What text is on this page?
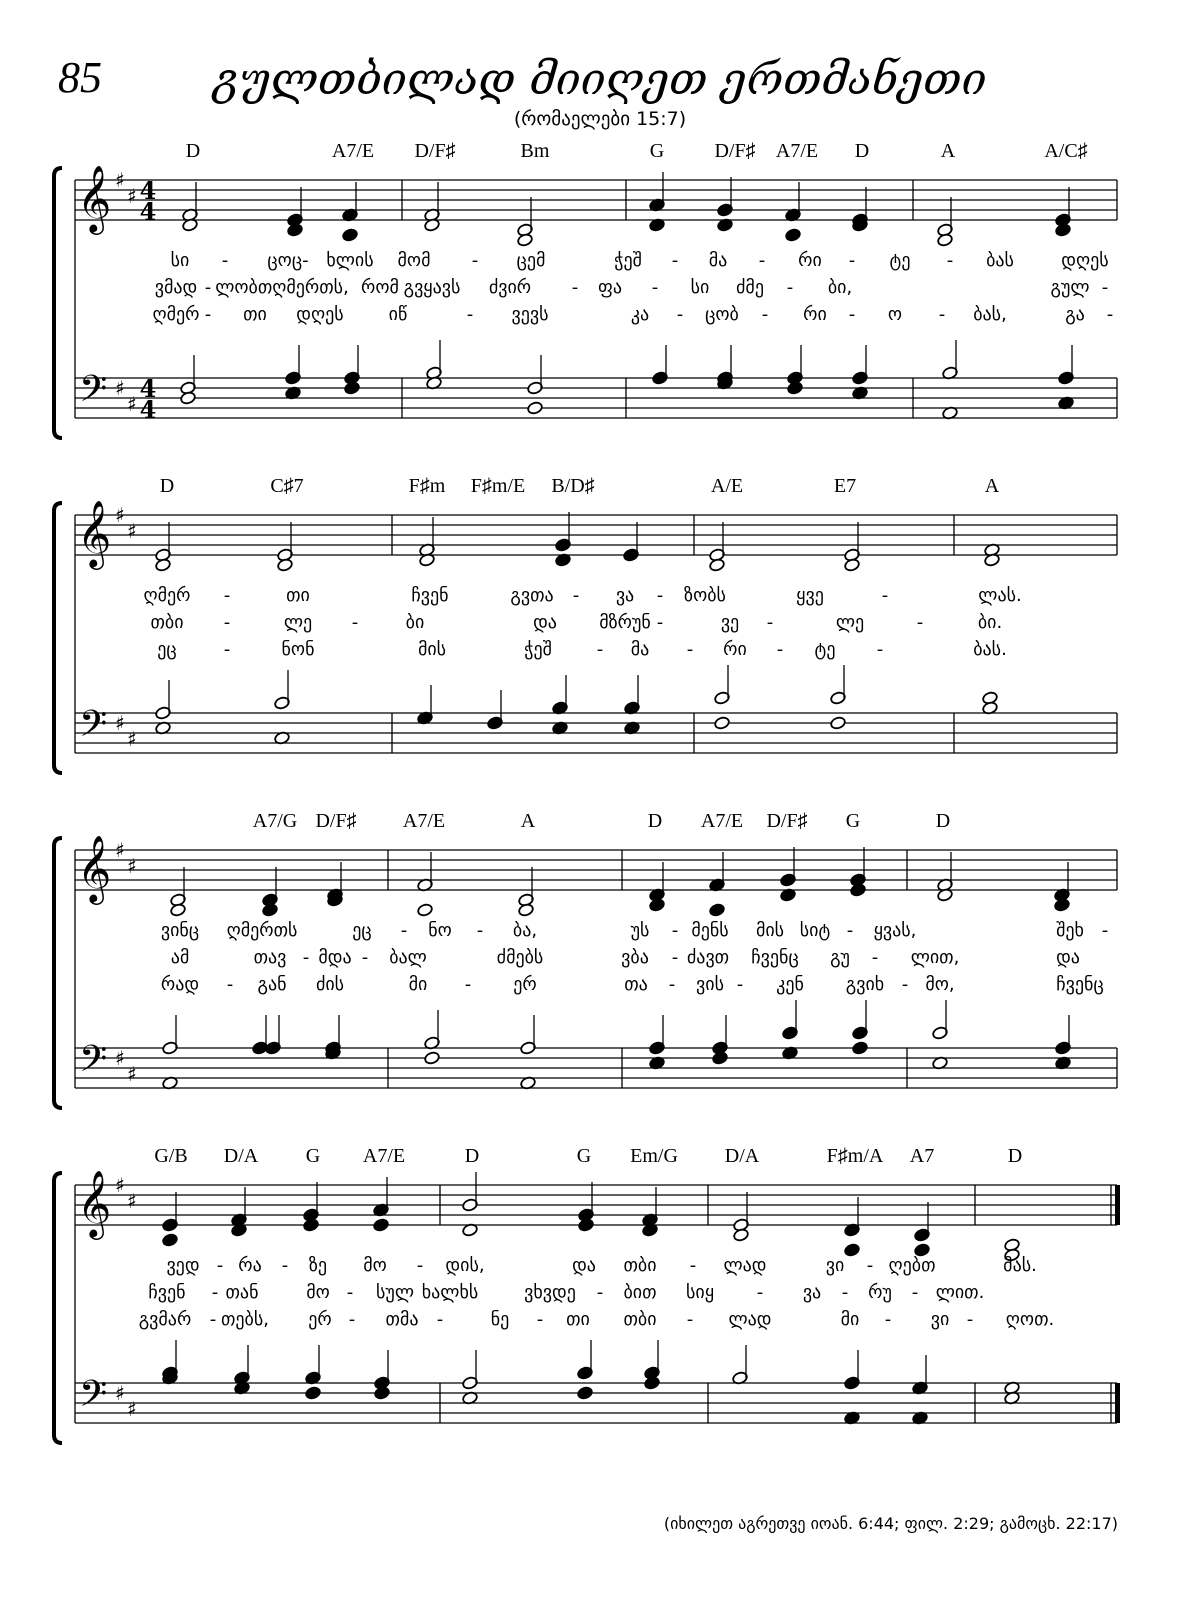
85	გულთბილად მიიღეთ ერთმანეთი
(რომაელები 15:7)
𝄞
𝄢
♯
♯
♯
♯
4
4
4
4
D	A7/E D/F♯	Bm	G	D/F♯ A7/E D	A	A/C♯
სი - ცოც- ხლის მომ - ცემ	ჭეშ - მა - რი - ტე - ბას	დღეს
ვმად - ლობთღმერთს, რომ გვყავს ძვირ - ფა - სი ძმე - ბი,	გულ -
ღმერ - თი დღეს იწ	- ვევს	კა - ცობ - რი - ო - ბას,	გა -
𝄞
𝄢
♯
♯
♯
♯
D	C♯7	F♯m F♯m/E B/D♯	A/E	E7	A
ღმერ -	თი	ჩვენ	გვთა - ვა - ზობს	ყვე	-	ლას.
თბი -	ლე -	ბი	და მზრუნ -	ვე -	ლე	-	ბი.
ეც	-	ნონ	მის	ჭეშ - მა - რი - ტე -	ბას.
𝄞
𝄢
♯
♯
♯
♯
A7/G D/F♯ A7/E	A	D A7/E D/F♯ G	D
ვინც ღმერთს	ეც - ნო - ბა,	უს - მენს მის სიტ - ყვას,	შეხ -
ამ	თავ - მდა - ბალ	ძმებს	ვბა - ძავთ ჩვენც გუ - ლით,	და
რად - გან ძის	მი - ერ	თა - ვის - კენ გვიხ - მო,	ჩვენც
𝄞
𝄢
♯
♯
♯
♯
G/B D/A G A7/E	D	G Em/G D/A	F♯m/A A7	D
ვედ - რა - ზე მო - დის,	და თბი - ლად	ვი - ღებთ	მას.
ჩვენ - თან	მო - სულ ხალხს	ვხვდე - ბით სიყ - ვა - რუ - ლით.
გვმარ - თებს, ერ - თმა -	ნე - თი თბი - ლად	მი - ვი - ღოთ.
(იხილეთ აგრეთვე იოან. 6:44; ფილ. 2:29; გამოცხ. 22:17)
